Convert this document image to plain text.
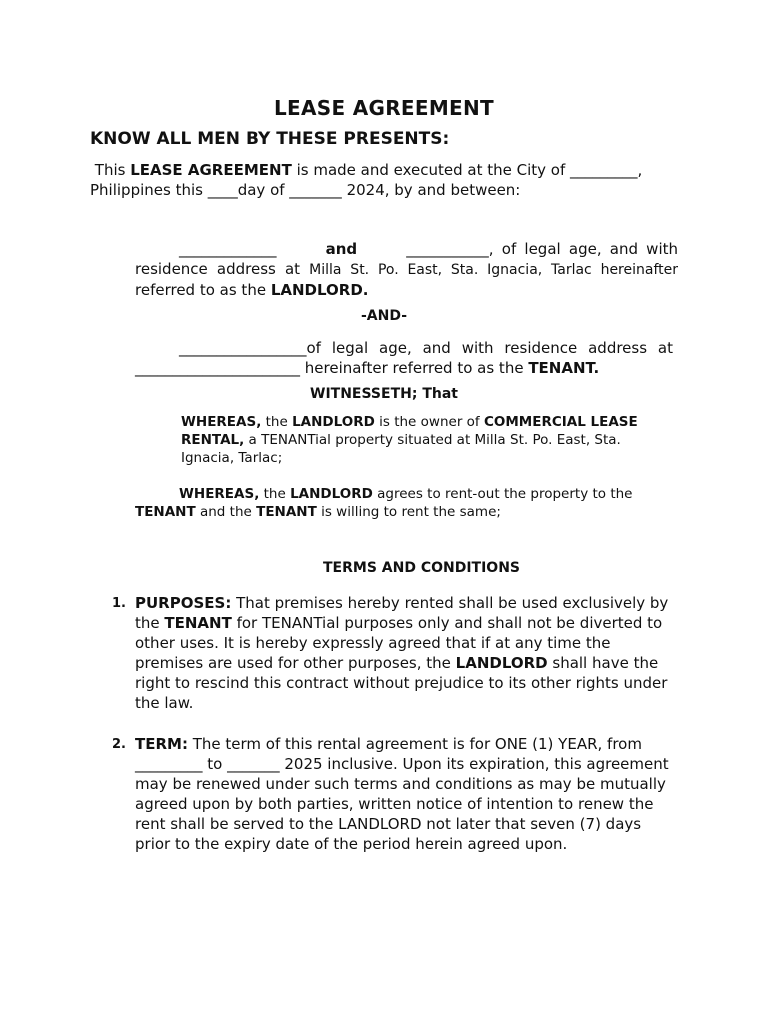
LEASE AGREEMENT
KNOW ALL MEN BY THESE PRESENTS:

This LEASE AGREEMENT is made and executed at the City of _________,
Philippines this ____day of _______ 2024, by and between:

_____________	and	___________, of legal age, and with residence address at Milla St. Po. East, Sta. Ignacia, Tarlac hereinafter referred to as the LANDLORD.

-AND-

_________________of legal age, and with residence address at ______________________ hereinafter referred to as the TENANT.

WITNESSETH; That

WHEREAS, the LANDLORD is the owner of COMMERCIAL LEASE RENTAL, a TENANTial property situated at Milla St. Po. East, Sta. Ignacia, Tarlac;

WHEREAS, the LANDLORD agrees to rent-out the property to the TENANT and the TENANT is willing to rent the same;

TERMS AND CONDITIONS

1. PURPOSES: That premises hereby rented shall be used exclusively by the TENANT for TENANTial purposes only and shall not be diverted to other uses. It is hereby expressly agreed that if at any time the premises are used for other purposes, the LANDLORD shall have the right to rescind this contract without prejudice to its other rights under the law.

2. TERM: The term of this rental agreement is for ONE (1) YEAR, from _________ to _______ 2025 inclusive. Upon its expiration, this agreement may be renewed under such terms and conditions as may be mutually agreed upon by both parties, written notice of intention to renew the rent shall be served to the LANDLORD not later that seven (7) days prior to the expiry date of the period herein agreed upon.
